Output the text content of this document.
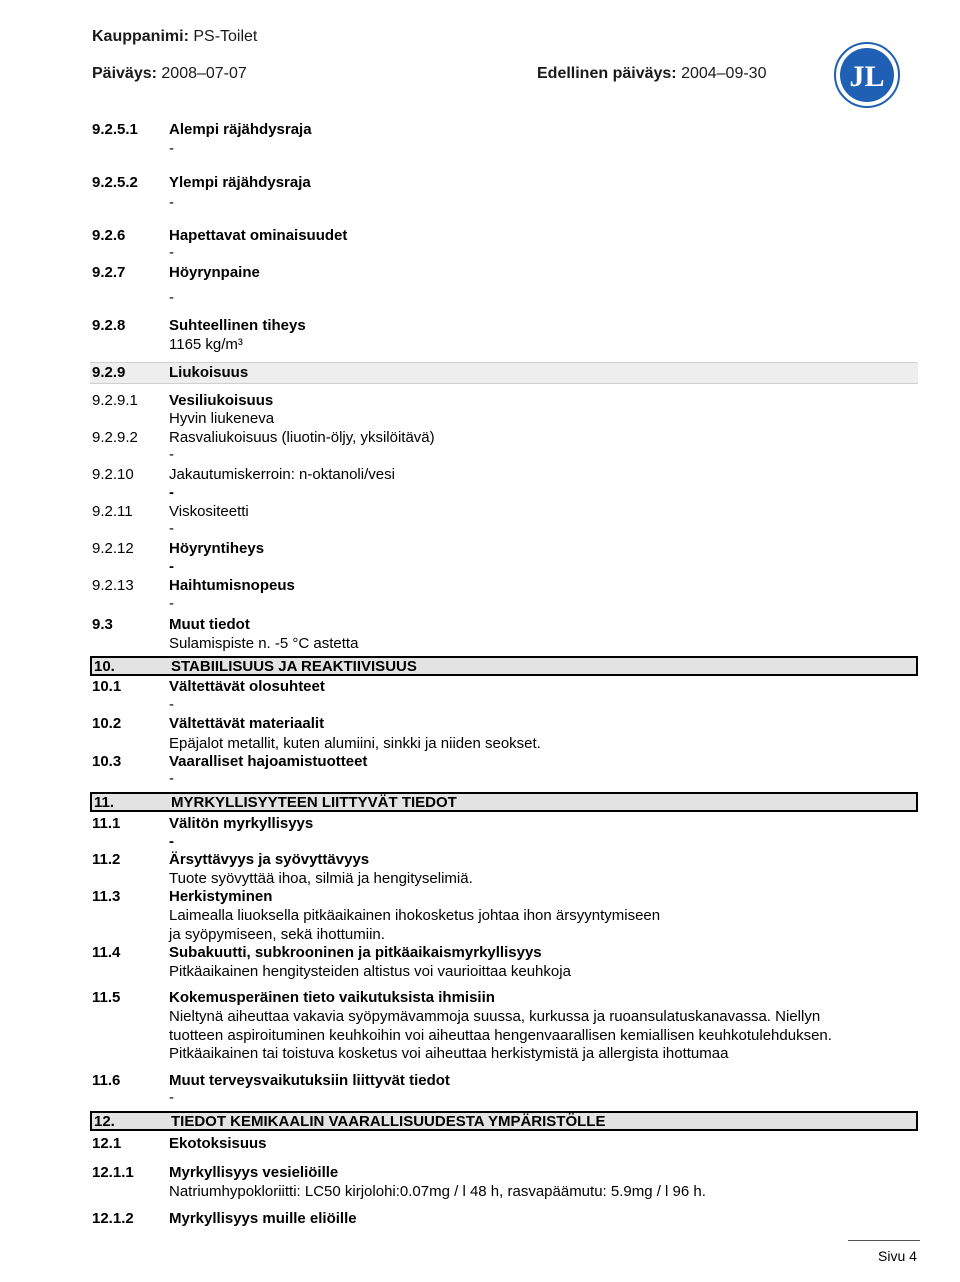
Kauppanimi: PS-Toilet
Päiväys: 2008–07-07	Edellinen päiväys: 2004–09-30	JL
9.2.5.1 Alempi räjähdysraja
-
9.2.5.2 Ylempi räjähdysraja
-
9.2.6	Hapettavat ominaisuudet
-
9.2.7	Höyrynpaine
-
9.2.8	Suhteellinen tiheys
1165 kg/m³
9.2.9	Liukoisuus
9.2.9.1 Vesiliukoisuus
Hyvin liukeneva
9.2.9.2 Rasvaliukoisuus (liuotin-öljy, yksilöitävä)
-
9.2.10 Jakautumiskerroin: n-oktanoli/vesi
-
9.2.11 Viskositeetti
-
9.2.12 Höyryntiheys
-
9.2.13 Haihtumisnopeus
-
9.3	Muut tiedot
Sulamispiste n. -5 °C astetta
10.	STABIILISUUS JA REAKTIIVISUUS
10.1	Vältettävät olosuhteet
-
10.2	Vältettävät materiaalit
Epäjalot metallit, kuten alumiini, sinkki ja niiden seokset.
10.3	Vaaralliset hajoamistuotteet
-
11.	MYRKYLLISYYTEEN LIITTYVÄT TIEDOT
11.1	Välitön myrkyllisyys
-
11.2	Ärsyttävyys ja syövyttävyys
Tuote syövyttää ihoa, silmiä ja hengityselimiä.
11.3	Herkistyminen
Laimealla liuoksella pitkäaikainen ihokosketus johtaa ihon ärsyyntymiseen
ja syöpymiseen, sekä ihottumiin.
11.4	Subakuutti, subkrooninen ja pitkäaikaismyrkyllisyys
Pitkäaikainen hengitysteiden altistus voi vaurioittaa keuhkoja
11.5	Kokemusperäinen tieto vaikutuksista ihmisiin
Nieltynä aiheuttaa vakavia syöpymävammoja suussa, kurkussa ja ruoansulatuskanavassa. Niellyn
tuotteen aspiroituminen keuhkoihin voi aiheuttaa hengenvaarallisen kemiallisen keuhkotulehduksen.
Pitkäaikainen tai toistuva kosketus voi aiheuttaa herkistymistä ja allergista ihottumaa
11.6	Muut terveysvaikutuksiin liittyvät tiedot
-
12.	TIEDOT KEMIKAALIN VAARALLISUUDESTA YMPÄRISTÖLLE
12.1	Ekotoksisuus
12.1.1 Myrkyllisyys vesieliöille
Natriumhypokloriitti: LC50 kirjolohi:0.07mg / l 48 h, rasvapäämutu: 5.9mg / l 96 h.
12.1.2 Myrkyllisyys muille eliöille
Sivu 4
